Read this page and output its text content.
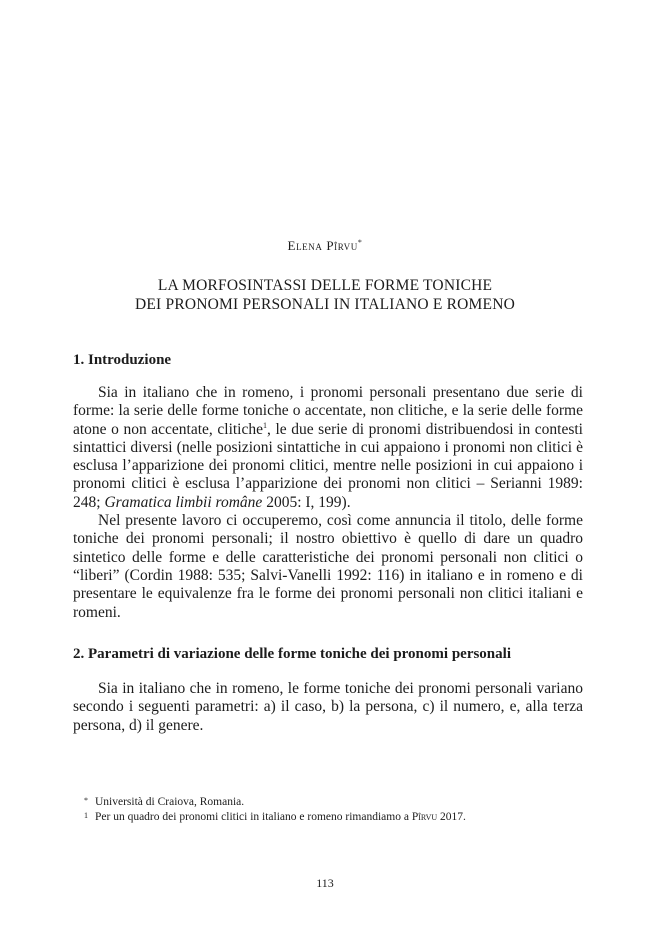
Elena Pîrvu*
LA MORFOSINTASSI DELLE FORME TONICHE
DEI PRONOMI PERSONALI IN ITALIANO E ROMENO
1. Introduzione

Sia in italiano che in romeno, i pronomi personali presentano due serie di forme: la serie delle forme toniche o accentate, non clitiche, e la serie delle forme atone o non accentate, clitiche$^1$, le due serie di pronomi distribuendosi in contesti sintattici diversi (nelle posizioni sintattiche in cui appaiono i pronomi non clitici è esclusa l’apparizione dei pronomi clitici, mentre nelle posizioni in cui appaiono i pronomi clitici è esclusa l’apparizione dei pronomi non clitici – Serianni 1989: 248; Gramatica limbii române 2005: I, 199).

Nel presente lavoro ci occuperemo, così come annuncia il titolo, delle forme toniche dei pronomi personali; il nostro obiettivo è quello di dare un quadro sintetico delle forme e delle caratteristiche dei pronomi personali non clitici o “liberi” (Cordin 1988: 535; Salvi-Vanelli 1992: 116) in italiano e in romeno e di presentare le equivalenze fra le forme dei pronomi personali non clitici italiani e romeni.

2. Parametri di variazione delle forme toniche dei pronomi personali

Sia in italiano che in romeno, le forme toniche dei pronomi personali variano secondo i seguenti parametri: a) il caso, b) la persona, c) il numero, e, alla terza persona, d) il genere.

* Università di Craiova, Romania.
1 Per un quadro dei pronomi clitici in italiano e romeno rimandiamo a Pîrvu 2017.
113
